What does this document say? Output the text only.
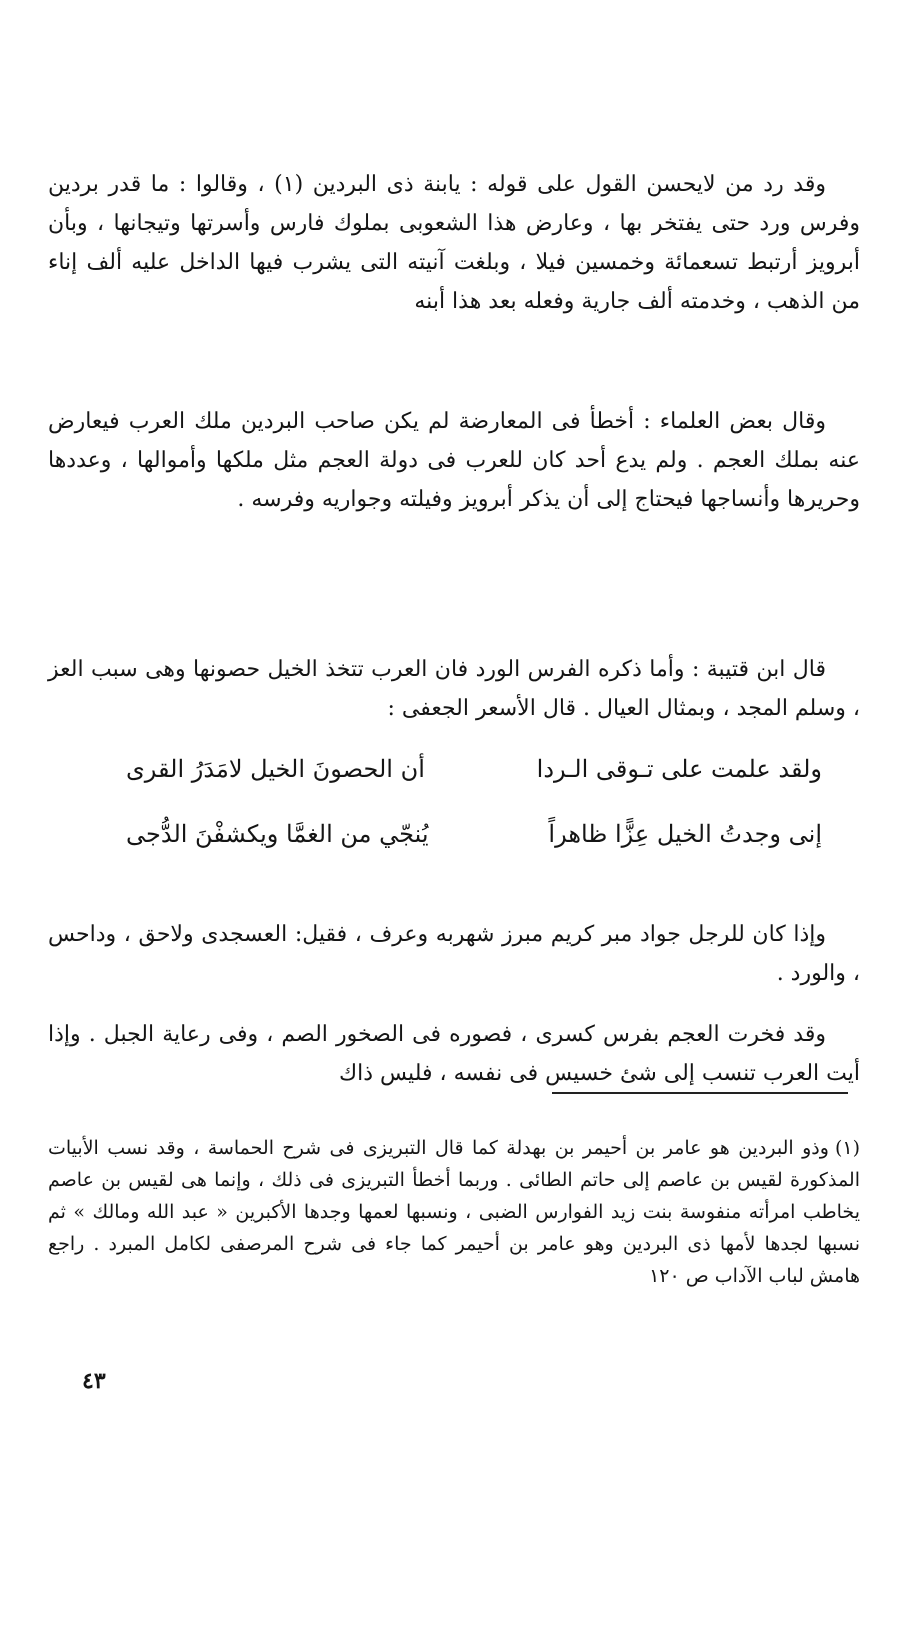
وقد رد من لايحسن القول على قوله : يابنة ذى البردين (١) ، وقالوا : ما قدر بردين وفرس ورد حتى يفتخر بها ، وعارض هذا الشعوبى بملوك فارس وأسرتها وتيجانها ، وبأن أبرويز أرتبط تسعمائة وخمسين فيلا ، وبلغت آنيته التى يشرب فيها الداخل عليه ألف إناء من الذهب ، وخدمته ألف جارية وفعله بعد هذا أبنه

وقال بعض العلماء : أخطأ فى المعارضة لم يكن صاحب البردين ملك العرب فيعارض عنه بملك العجم . ولم يدع أحد كان للعرب فى دولة العجم مثل ملكها وأموالها ، وعددها وحريرها وأنساجها فيحتاج إلى أن يذكر أبرويز وفيلته وجواريه وفرسه .

قال ابن قتيبة : وأما ذكره الفرس الورد فان العرب تتخذ الخيل حصونها وهى سبب العز ، وسلم المجد ، وبمثال العيال . قال الأسعر الجعفى :

ولقد علمت على تـوقى الـردا
أن الحصونَ الخيل لامَدَرُ القرى
إنى وجدتُ الخيل عِزًّا ظاهراً
يُنجّي من الغمَّا ويكشفْنَ الدُّجى

وإذا كان للرجل جواد مبر كريم مبرز شهربه وعرف ، فقيل: العسجدى ولاحق ، وداحس ، والورد .

وقد فخرت العجم بفرس كسرى ، فصوره فى الصخور الصم ، وفى رعاية الجبل . وإذا أيت العرب تنسب إلى شئ خسيس فى نفسه ، فليس ذاك

(١)وذو البردين هو عامر بن أحيمر بن بهدلة كما قال التبريزى فى شرح الحماسة ، وقد نسب الأبيات المذكورة لقيس بن عاصم إلى حاتم الطائى . وربما أخطأ التبريزى فى ذلك ، وإنما هى لقيس بن عاصم يخاطب امرأته منفوسة بنت زيد الفوارس الضبى ، ونسبها لعمها وجدها الأكبرين « عبد الله ومالك » ثم نسبها لجدها لأمها ذى البردين وهو عامر بن أحيمر كما جاء فى شرح المرصفى لكامل المبرد . راجع هامش لباب الآداب ص ١٢٠

٤٣
